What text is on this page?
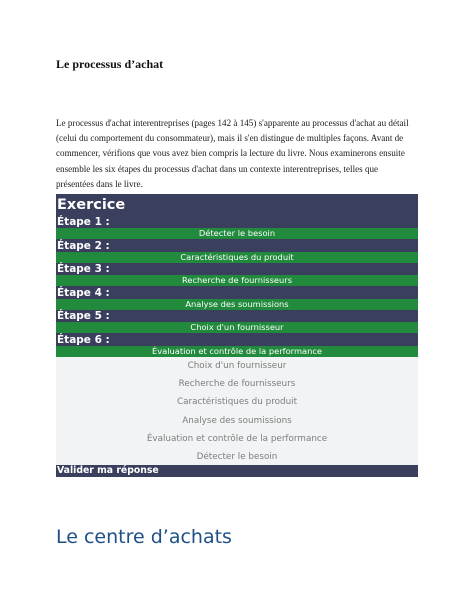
Le processus d’achat
Le processus d'achat interentreprises (pages 142 à 145) s'apparente au processus d'achat au détail
(celui du comportement du consommateur), mais il s'en distingue de multiples façons. Avant de
commencer, vérifions que vous avez bien compris la lecture du livre. Nous examinerons ensuite
ensemble les six étapes du processus d'achat dans un contexte interentreprises, telles que
présentées dans le livre.
Exercice
Étape 1 :
Détecter le besoin
Étape 2 :
Caractéristiques du produit
Étape 3 :
Recherche de fournisseurs
Étape 4 :
Analyse des soumissions
Étape 5 :
Choix d'un fournisseur
Étape 6 :
Évaluation et contrôle de la performance
Choix d'un fournisseur
Recherche de fournisseurs
Caractéristiques du produit
Analyse des soumissions
Évaluation et contrôle de la performance
Détecter le besoin
Valider ma réponse
Le centre d’achats
